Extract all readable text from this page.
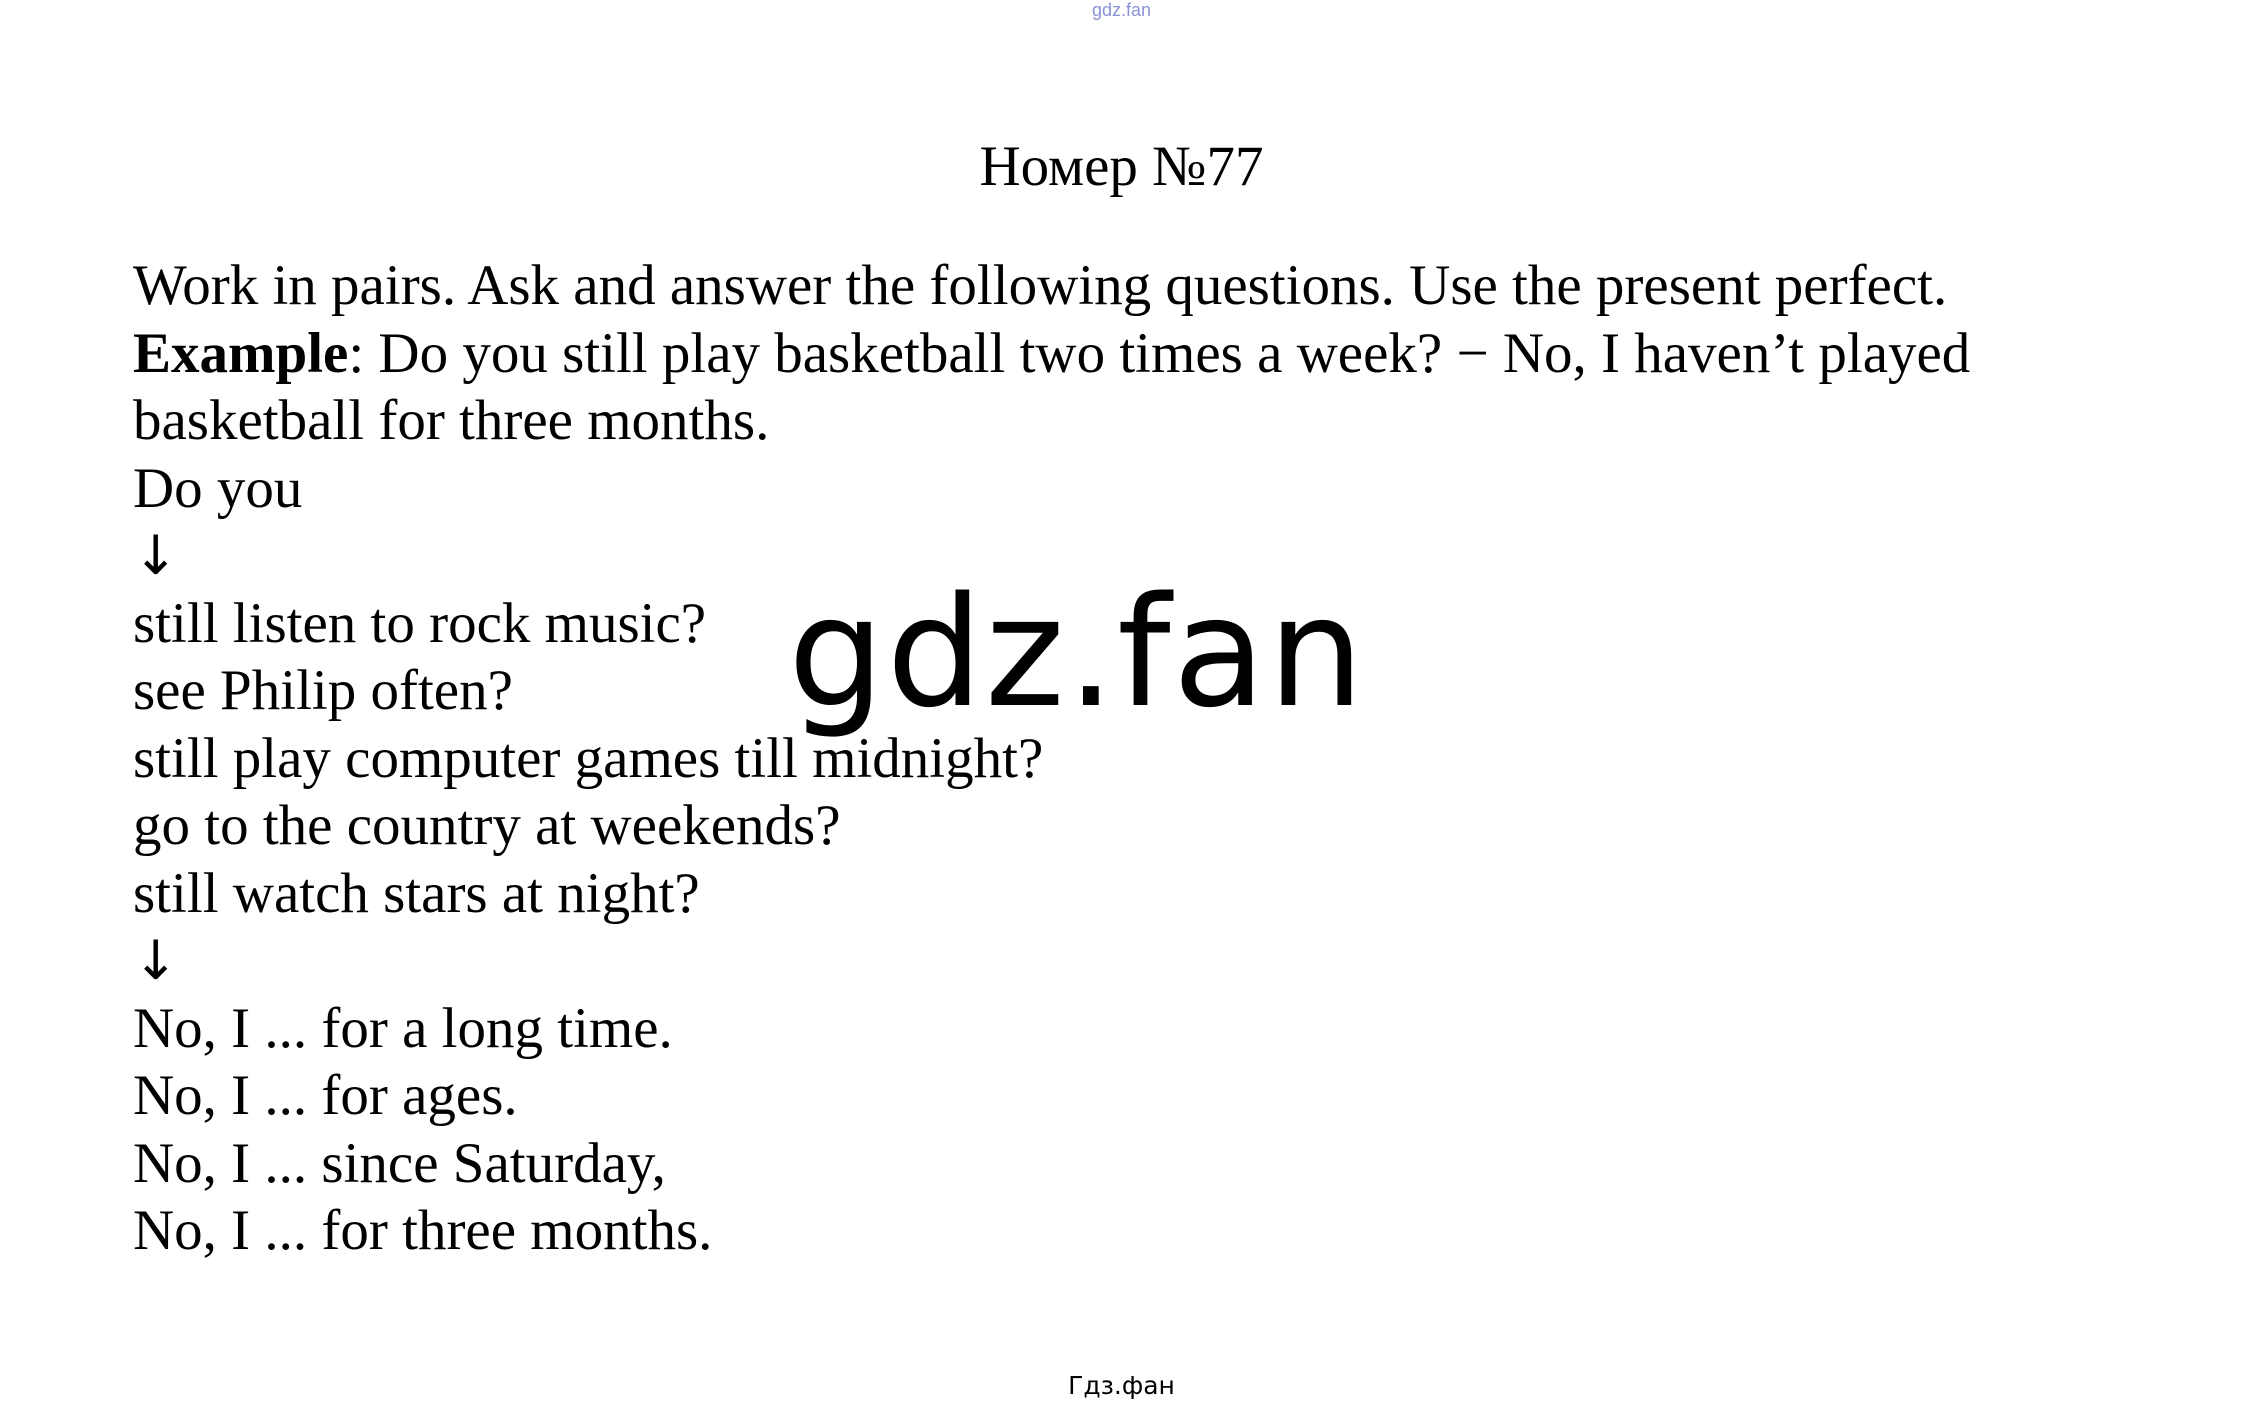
gdz.fan
Номер №77
Work in pairs. Ask and answer the following questions. Use the present perfect.
Example: Do you still play basketball two times a week? − No, I haven’t played
basketball for three months.
Do you
↓
still listen to rock music?
see Philip often?
still play computer games till midnight?
go to the country at weekends?
still watch stars at night?
↓
No, I ... for a long time.
No, I ... for ages.
No, I ... since Saturday,
No, I ... for three months.
gdz.fan
Гдз.фан
